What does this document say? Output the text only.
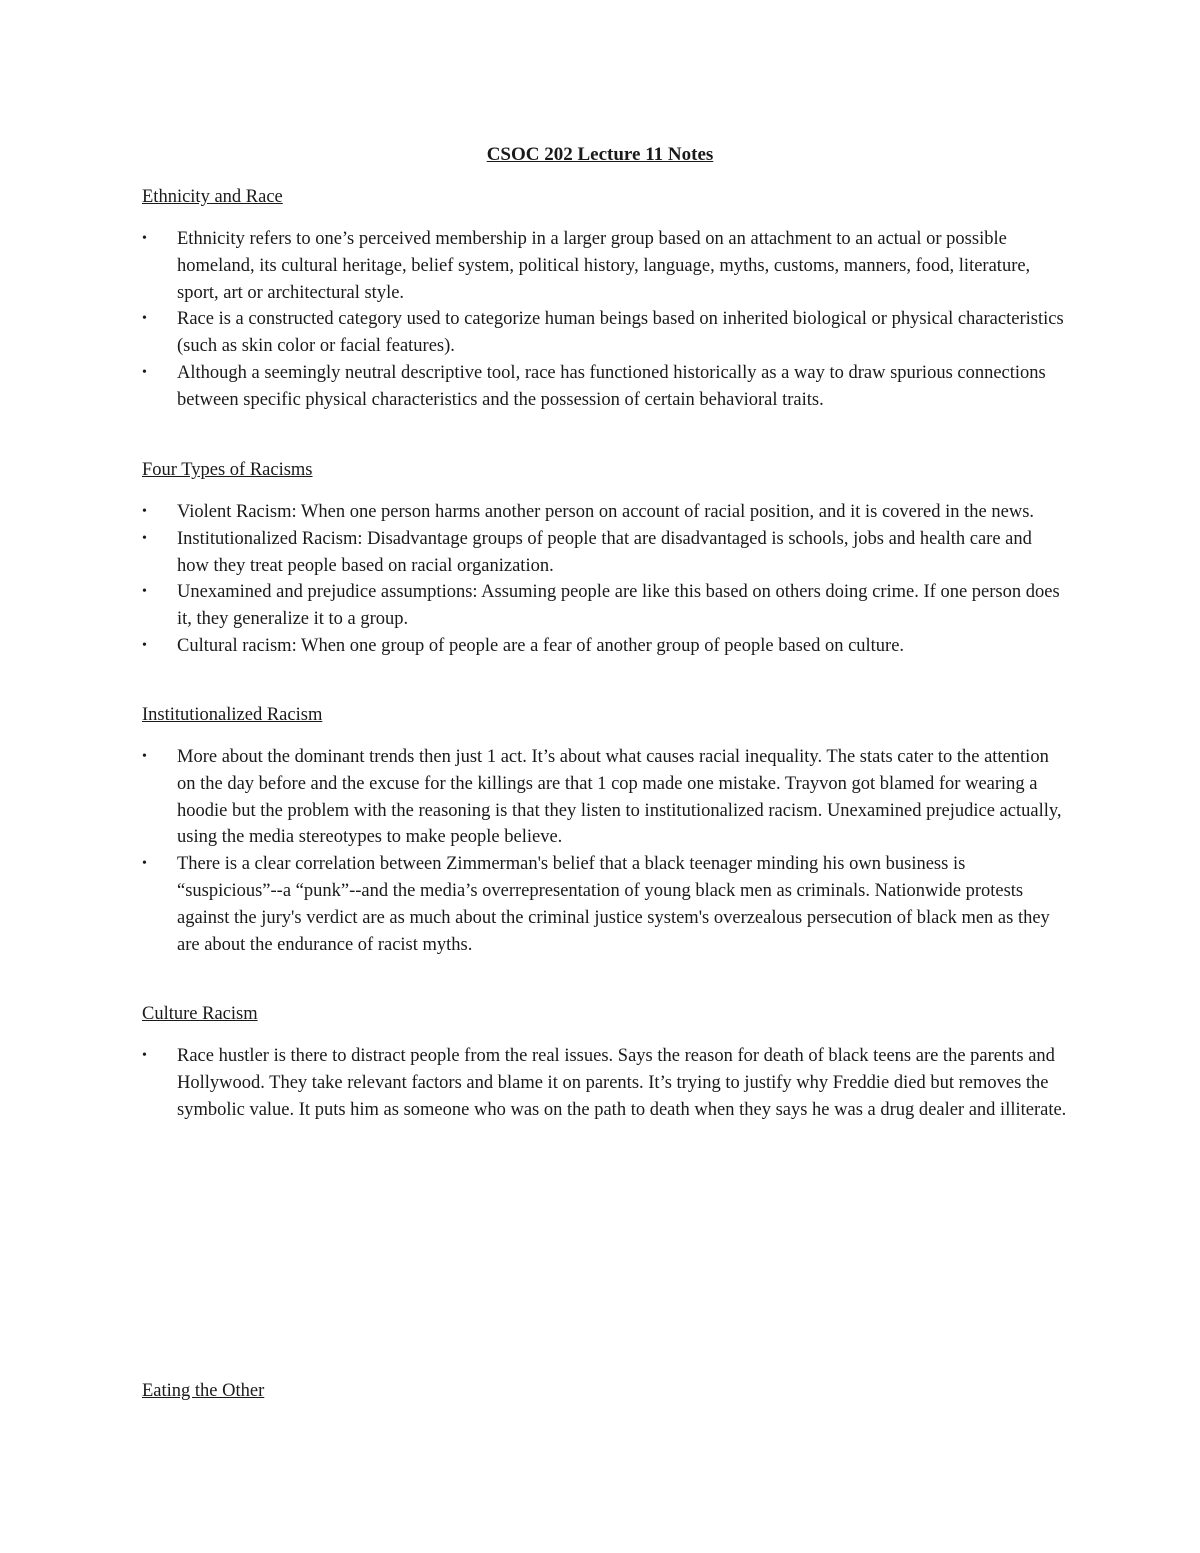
CSOC 202 Lecture 11 Notes
Ethnicity and Race
• Ethnicity refers to one’s perceived membership in a larger group based on an attachment to an actual or possible homeland, its cultural heritage, belief system, political history, language, myths, customs, manners, food, literature, sport, art or architectural style.
• Race is a constructed category used to categorize human beings based on inherited biological or physical characteristics (such as skin color or facial features).
• Although a seemingly neutral descriptive tool, race has functioned historically as a way to draw spurious connections between specific physical characteristics and the possession of certain behavioral traits.
Four Types of Racisms
• Violent Racism: When one person harms another person on account of racial position, and it is covered in the news.
• Institutionalized Racism: Disadvantage groups of people that are disadvantaged is schools, jobs and health care and how they treat people based on racial organization.
• Unexamined and prejudice assumptions: Assuming people are like this based on others doing crime. If one person does it, they generalize it to a group.
• Cultural racism: When one group of people are a fear of another group of people based on culture.
Institutionalized Racism
• More about the dominant trends then just 1 act. It’s about what causes racial inequality. The stats cater to the attention on the day before and the excuse for the killings are that 1 cop made one mistake. Trayvon got blamed for wearing a hoodie but the problem with the reasoning is that they listen to institutionalized racism. Unexamined prejudice actually, using the media stereotypes to make people believe.
• There is a clear correlation between Zimmerman's belief that a black teenager minding his own business is “suspicious”--a “punk”--and the media’s overrepresentation of young black men as criminals. Nationwide protests against the jury's verdict are as much about the criminal justice system's overzealous persecution of black men as they are about the endurance of racist myths.
Culture Racism
• Race hustler is there to distract people from the real issues. Says the reason for death of black teens are the parents and Hollywood. They take relevant factors and blame it on parents. It’s trying to justify why Freddie died but removes the symbolic value. It puts him as someone who was on the path to death when they says he was a drug dealer and illiterate.
Eating the Other
